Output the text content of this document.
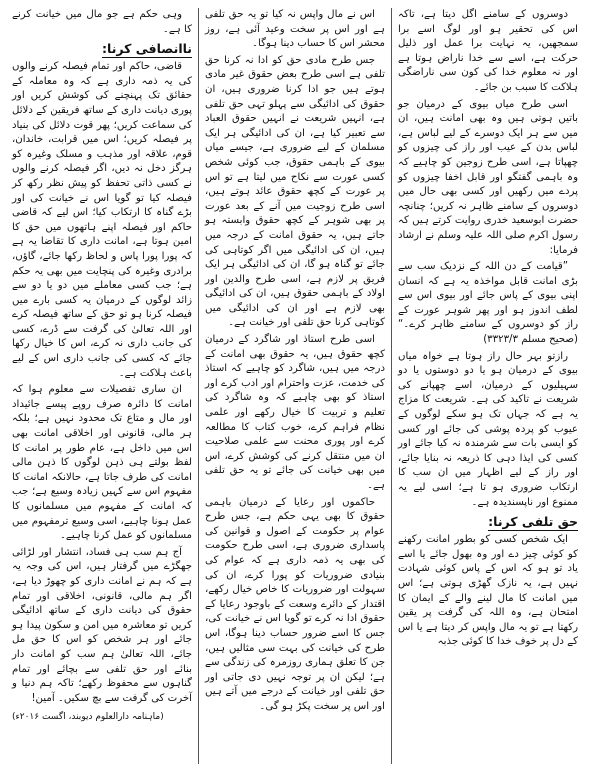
دوسروں کے سامنے اگل دیتا ہے، تاکہ اس کی تحقیر ہو اور لوگ اسے برا سمجھیں، یہ نہایت برا عمل اور ذلیل حرکت ہے، اسے سے خدا ناراض ہوتا ہے اور نہ معلوم خدا کی کون سی ناراضگی ہلاکت کا سبب بن جائے۔

اسی طرح میاں بیوی کے درمیان جو باتیں ہوتی ہیں وہ بھی امانت ہیں، ان میں سے ہر ایک دوسرے کے لیے لباس ہے، لباس بدن کے عیب اور راز کی چیزوں کو چھپاتا ہے، اسی طرح زوجین کو چاہیے کہ وہ باہمی گفتگو اور قابل اخفا چیزوں کو پردے میں رکھیں اور کسی بھی حال میں دوسروں کے سامنے ظاہر نہ کریں؛ چنانچہ حضرت ابوسعید خدری روایت کرتے ہیں کہ رسول اکرم صلی اللہ علیہ وسلم نے ارشاد فرمایا:

”قیامت کے دن اللہ کے نزدیک سب سے بڑی امانت قابل مواخذہ یہ ہے کہ انسان اپنی بیوی کے پاس جائے اور بیوی اس سے لطف اندوز ہو اور پھر شوہر عورت کے راز کو دوسروں کے سامنے ظاہر کرے۔“ (صحیح مسلم ۳۳۲۳/۳)

رازتو بہر حال راز ہوتا ہے خواہ میاں بیوی کے درمیان ہو یا دو دوستوں یا دو سہیلیوں کے درمیان، اسے چھپانے کی شریعت نے تاکید کی ہے۔ شریعت کا مزاج یہ ہے کہ جہاں تک ہو سکے لوگوں کے عیوب کو پردہ پوشی کی جائے اور کسی کو ایسی بات سے شرمندہ نہ کیا جائے اور کسی کی ایذا دہی کا ذریعہ نہ بنایا جائے، اور راز کے لیے اظہار میں ان سب کا ارتکاب ضروری ہو تا ہے؛ اسی لیے یہ ممنوع اور ناپسندیدہ ہے۔

حق تلفی کرنا:

ایک شخص کسی کو بطور امانت رکھنے کو کوئی چیز دے اور وہ بھول جائے یا اسے یاد تو ہو کہ اس کے پاس کوئی شہادت نہیں ہے، یہ نازک گھڑی ہوتی ہے؛ اس میں امانت کا مال لینے والے کے ایمان کا امتحان ہے، وہ اللہ کی گرفت پر یقین رکھتا ہے تو یہ مال واپس کر دیتا ہے یا اس کے دل پر خوف خدا کا کوئی جذبہ

اس نے مال واپس نہ کیا تو یہ حق تلفی ہے اور اس پر سخت وعید آئی ہے، روز محشر اس کا حساب دینا ہوگا۔

جس طرح مادی حق کو ادا نہ کرنا حق تلفی ہے اسی طرح بعض حقوق غیر مادی ہوتے ہیں جو ادا کرنا ضروری ہیں، ان حقوق کی ادائیگی سے پہلو تہی حق تلفی ہے، انہیں شریعت نے انہیں حقوق العباد سے تعبیر کیا ہے، ان کی ادائیگی ہر ایک مسلمان کے لیے ضروری ہے، جیسے میاں بیوی کے باہمی حقوق، جب کوئی شخص کسی عورت سے نکاح میں لیتا ہے تو اس پر عورت کے کچھ حقوق عائد ہوتے ہیں، اسی طرح زوجیت میں آنے کے بعد عورت پر بھی شوہر کے کچھ حقوق وابستہ ہو جاتے ہیں، یہ حقوق امانت کے درجہ میں ہیں، ان کی ادائیگی میں اگر کوتاہی کی جائے تو گناہ ہو گا، ان کی ادائیگی ہر ایک فریق پر لازم ہے، اسی طرح والدین اور اولاد کے باہمی حقوق ہیں، ان کی ادائیگی بھی لازم ہے اور ان کی ادائیگی میں کوتاہی کرنا حق تلفی اور خیانت ہے۔

اسی طرح استاذ اور شاگرد کے درمیان کچھ حقوق ہیں، یہ حقوق بھی امانت کے درجہ میں ہیں، شاگرد کو چاہیے کہ استاذ کی خدمت، عزت واحترام اور ادب کرے اور استاذ کو بھی چاہیے کہ وہ شاگرد کی تعلیم و تربیت کا خیال رکھے اور علمی نظام فراہم کرے، خوب کتاب کا مطالعہ کرے اور پوری محنت سے علمی صلاحیت ان میں منتقل کرنے کی کوشش کرے، اس میں بھی خیانت کی جائے تو یہ حق تلفی ہے۔

حاکموں اور رعایا کے درمیان باہمی حقوق کا بھی یہی حکم ہے، جس طرح عوام پر حکومت کے اصول و قوانین کی پاسداری ضروری ہے، اسی طرح حکومت کی بھی یہ ذمہ داری ہے کہ عوام کی بنیادی ضروریات کو پورا کرے، ان کی سہولت اور ضروریات کا خاص خیال رکھے، اقتدار کے دائرے وسعت کے باوجود رعایا کے حقوق ادا نہ کرے تو گویا اس نے خیانت کی، جس کا اسے ضرور حساب دینا ہوگا، اس طرح کی خیانت کی بہت سی مثالیں ہیں، جن کا تعلق ہماری روزمرہ کی زندگی سے ہے؛ لیکن ان پر توجہ نہیں دی جاتی اور حق تلفی اور خیانت کے درجے میں آتے ہیں اور اس پر سخت پکڑ ہو گی۔

وہی حکم ہے جو مال میں خیانت کرنے کا ہے۔

ناانصافی کرنا:

قاضی، حاکم اور تمام فیصلہ کرنے والوں کی یہ ذمہ داری ہے کہ وہ معاملہ کے حقائق تک پہنچنے کی کوشش کریں اور پوری دیانت داری کے ساتھ فریقین کے دلائل کی سماعت کریں؛ پھر قوت دلائل کی بنیاد پر فیصلہ کریں؛ اس میں قرابت، خاندان، قوم، علاقہ اور مذہب و مسلک وغیرہ کو ہرگز دخل نہ دیں، اگر فیصلہ کرنے والوں نے کسی ذاتی تحفظ کو پیش نظر رکھ کر فیصلہ کیا تو گویا اس نے خیانت کی اور بڑے گناہ کا ارتکاب کیا؛ اس لیے کہ قاضی حاکم اور فیصلہ اپنے ہاتھوں میں حق کا امین ہوتا ہے، امانت داری کا تقاضا یہ ہے کہ پورا پورا پاس و لحاظ رکھا جائے، گاؤں، برادری وغیرہ کی پنچایت میں بھی یہ حکم ہے؛ جب کسی معاملے میں دو یا دو سے زائد لوگوں کے درمیان یہ کسی بارے میں فیصلہ کرنا ہو تو حق کے ساتھ فیصلہ کرے اور اللہ تعالیٰ کی گرفت سے ڈرے، کسی کی جانب داری نہ کرے، اس کا خیال رکھا جائے کہ کسی کی جانب داری اس کے لیے باعث ہلاکت ہے۔

ان ساری تفصیلات سے معلوم ہوا کہ امانت کا دائرہ صرف روپے پیسے جائیداد اور مال و متاع تک محدود نہیں ہے؛ بلکہ ہر مالی، قانونی اور اخلاقی امانت بھی اس میں داخل ہے، عام طور پر امانت کا لفظ بولتے ہی ذہن لوگوں کا ذہن مالی امانت کی طرف جاتا ہے، حالانکہ امانت کا مفہوم اس سے کہیں زیادہ وسیع ہے؛ جب کہ امانت کے مفہوم میں مسلمانوں کا عمل ہونا چاہیے، اسی وسیع ترمفہوم میں مسلمانوں کو عمل کرنا چاہیے۔

آج ہم سب ہی فساد، انتشار اور لڑائی جھگڑے میں گرفتار ہیں، اس کی وجہ یہ ہے کہ ہم نے امانت داری کو چھوڑ دیا ہے، اگر ہم مالی، قانونی، اخلاقی اور تمام حقوق کی دیانت داری کے ساتھ ادائیگی کریں تو معاشرہ میں امن و سکون پیدا ہو جائے اور ہر شخص کو اس کا حق مل جائے، اللہ تعالیٰ ہم سب کو امانت دار بنائے اور حق تلفی سے بچائے اور تمام گناہوں سے محفوظ رکھے؛ تاکہ ہم دنیا و آخرت کی گرفت سے بچ سکیں۔ آمین!

(ماہنامہ دارالعلوم دیوبند، اگست ۲۰۱۶ء)
